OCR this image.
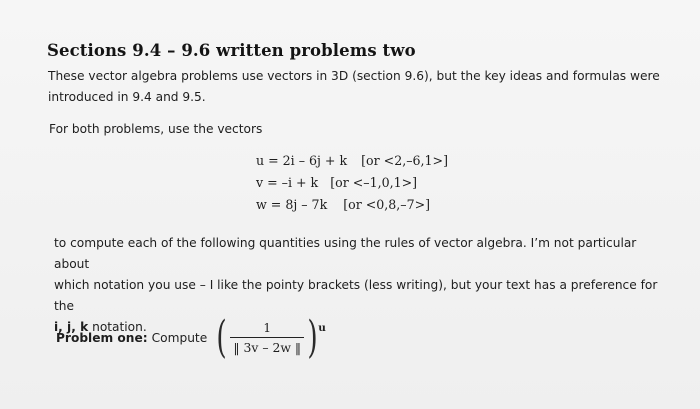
Sections 9.4 – 9.6 written problems two
These vector algebra problems use vectors in 3D (section 9.6), but the key ideas and formulas were
introduced in 9.4 and 9.5.
For both problems, use the vectors
u = 2i – 6j + k [or <2,–6,1>]
v = –i + k [or <–1,0,1>]
w = 8j – 7k [or <0,8,–7>]
to compute each of the following quantities using the rules of vector algebra. I’m not particular about
which notation you use – I like the pointy brackets (less writing), but your text has a preference for the
i, j, k notation.
Problem one: Compute ( $\frac{1}{‖ 3v - 2w ‖}$ ) u
